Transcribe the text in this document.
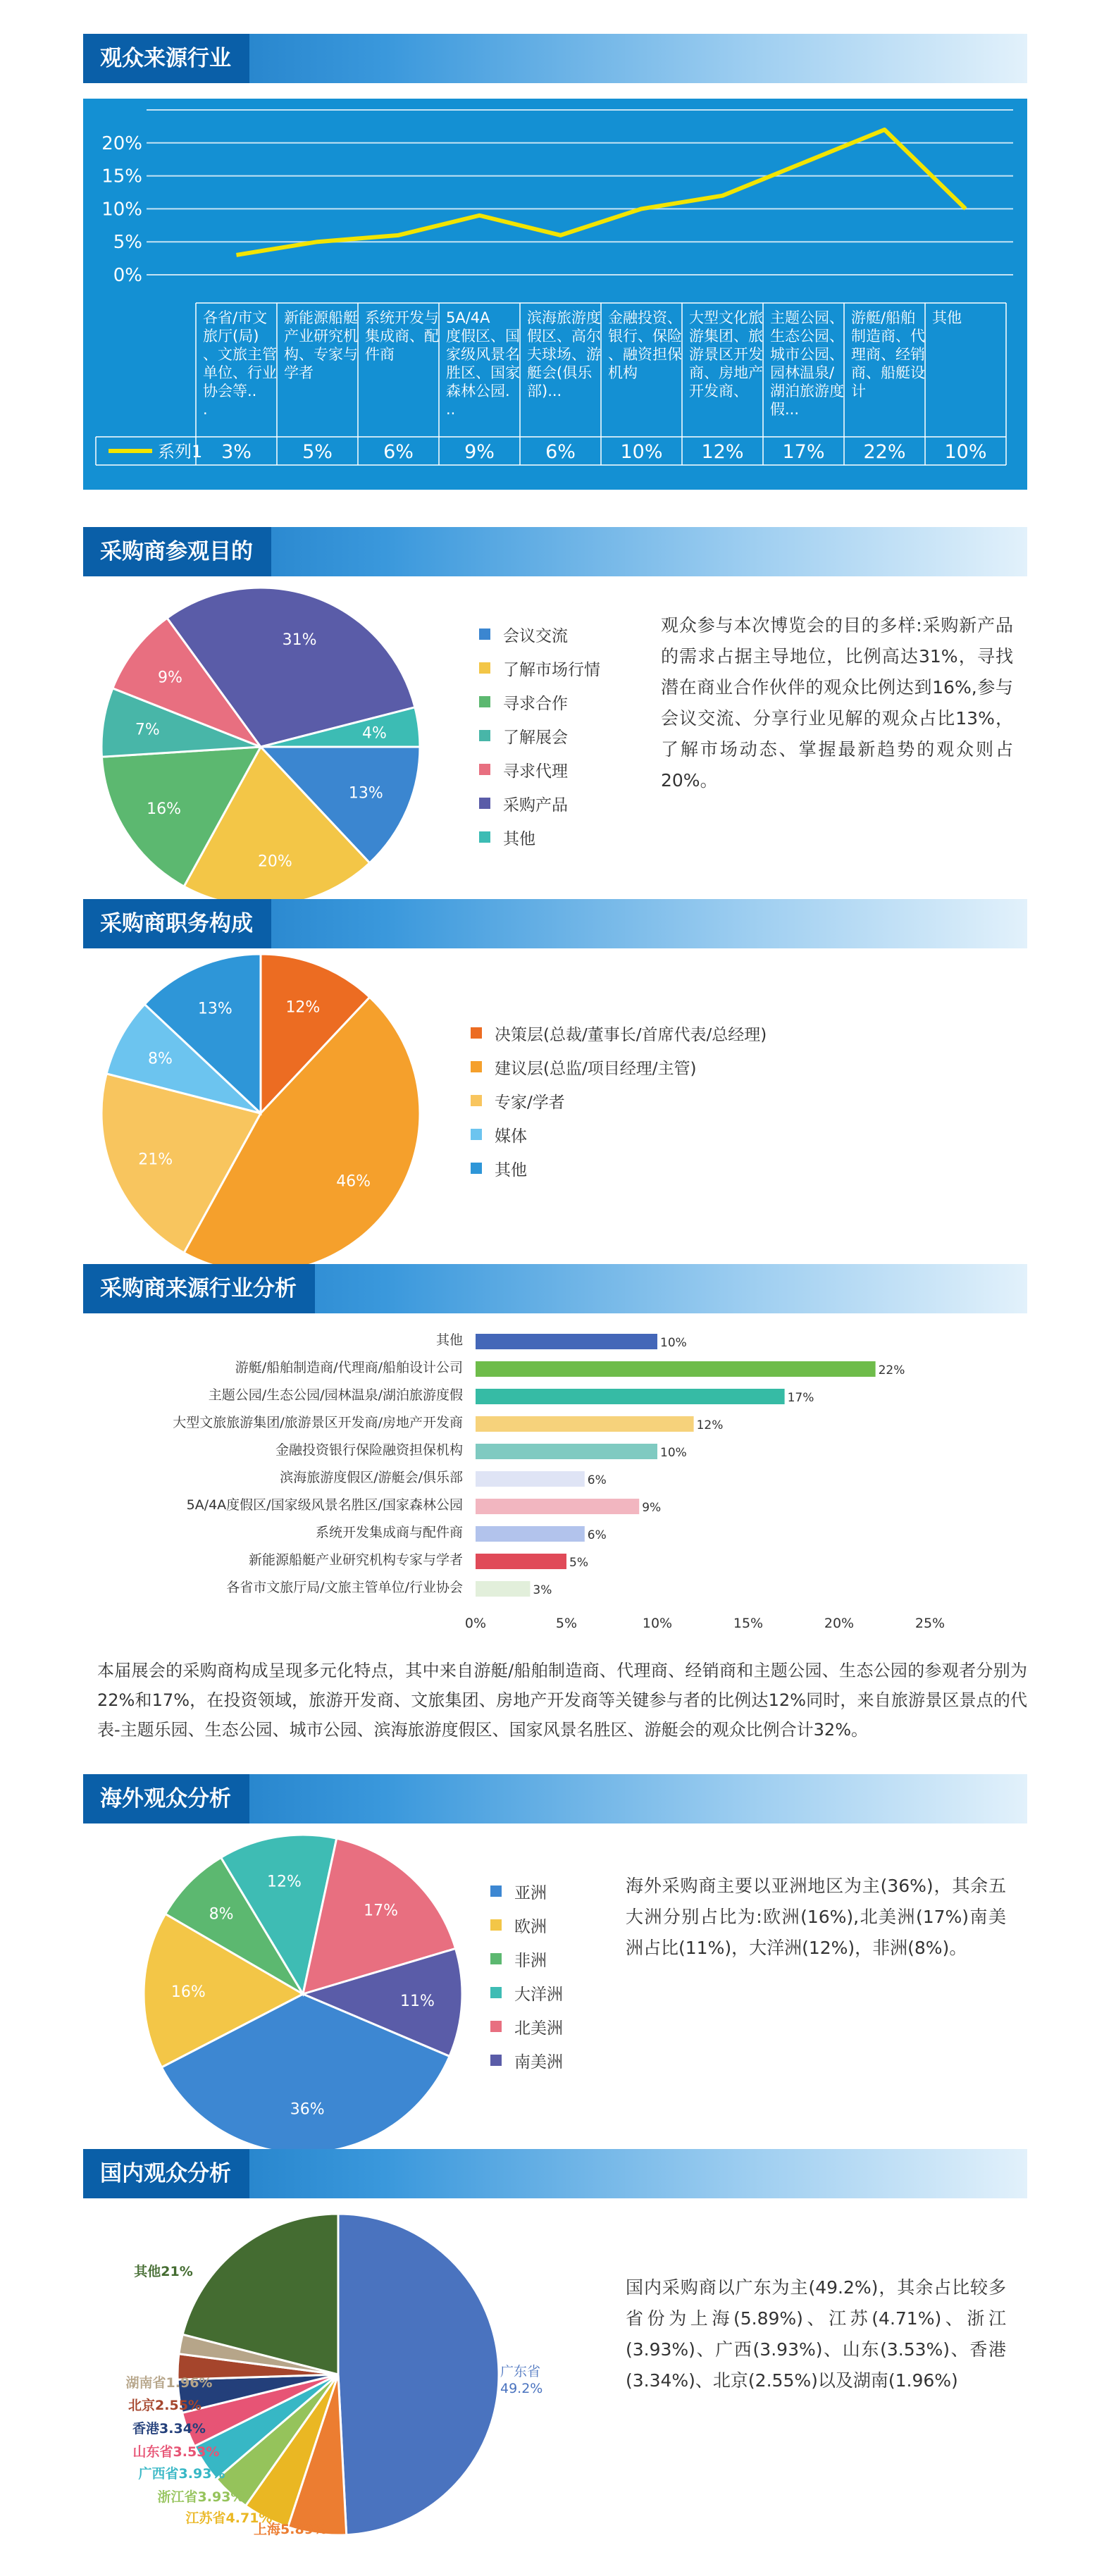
观众来源行业
0%
5%
10%
15%
20%
各省/市文旅厅(局)、文旅主管单位、行业协会等.. .
新能源船艇产业研究机构、专家与学者
系统开发与集成商、配件商
5A/4A 度假区、国家级风景名胜区、国家森林公园. ..
滨海旅游度假区、高尔夫球场、游艇会(俱乐部)...
金融投资、银行、保险、融资担保机构
大型文化旅游集团、旅游景区开发商、房地产开发商、
主题公园、生态公园、城市公园、园林温泉/湖泊旅游度假...
游艇/船舶制造商、代理商、经销商、船艇设计
其他
系列1 3%	5%	6%	9%	6% 10% 12% 17% 22% 10%
采购商参观目的
13%
20%
16%
7%
9%
31%
4%
会议交流
了解市场行情
寻求合作
了解展会
寻求代理
采购产品
其他
观众参与本次博览会的目的多样:采购新产品的需求占据主导地位，比例高达31%，寻找潜在商业合作伙伴的观众比例达到16%,参与会议交流、分享行业见解的观众占比13%，了解市场动态、掌握最新趋势的观众则占20%。
采购商职务构成
12%
46%
21%
8%
13%
决策层(总裁/董事长/首席代表/总经理)
建议层(总监/项目经理/主管)
专家/学者
媒体
其他
采购商来源行业分析
其他	10%
游艇/船舶制造商/代理商/船舶设计公司	22%
主题公园/生态公园/园林温泉/湖泊旅游度假	17%
大型文旅旅游集团/旅游景区开发商/房地产开发商	12%
金融投资银行保险融资担保机构	10%
滨海旅游度假区/游艇会/俱乐部	6%
5A/4A度假区/国家级风景名胜区/国家森林公园	9%
系统开发集成商与配件商	6%
新能源船艇产业研究机构专家与学者	5%
各省市文旅厅局/文旅主管单位/行业协会	3%
0%	5%	10%	15%	20%	25%
本届展会的采购商构成呈现多元化特点，其中来自游艇/船舶制造商、代理商、经销商和主题公园、生态公园的参观者分别为22%和17%，在投资领域，旅游开发商、文旅集团、房地产开发商等关键参与者的比例达12%同时，来自旅游景区景点的代表-主题乐园、生态公园、城市公园、滨海旅游度假区、国家风景名胜区、游艇会的观众比例合计32%。
海外观众分析
36%
16%
8%
12%
17%
11%
亚洲
欧洲
非洲
大洋洲
北美洲
南美洲
海外采购商主要以亚洲地区为主(36%)，其余五大洲分别占比为:欧洲(16%),北美洲(17%)南美洲占比(11%)，大洋洲(12%)，非洲(8%)。
国内观众分析
广东省
49.2%
上海5.89%
江苏省4.71%
浙江省3.93%
广西省3.93%
山东省3.53%
香港3.34%
北京2.55%
湖南省1.96%
其他21%
国内采购商以广东为主(49.2%)，其余占比较多省份为上海(5.89%)、江苏(4.71%)、浙江(3.93%)、广西(3.93%)、山东(3.53%)、香港(3.34%)、北京(2.55%)以及湖南(1.96%)
